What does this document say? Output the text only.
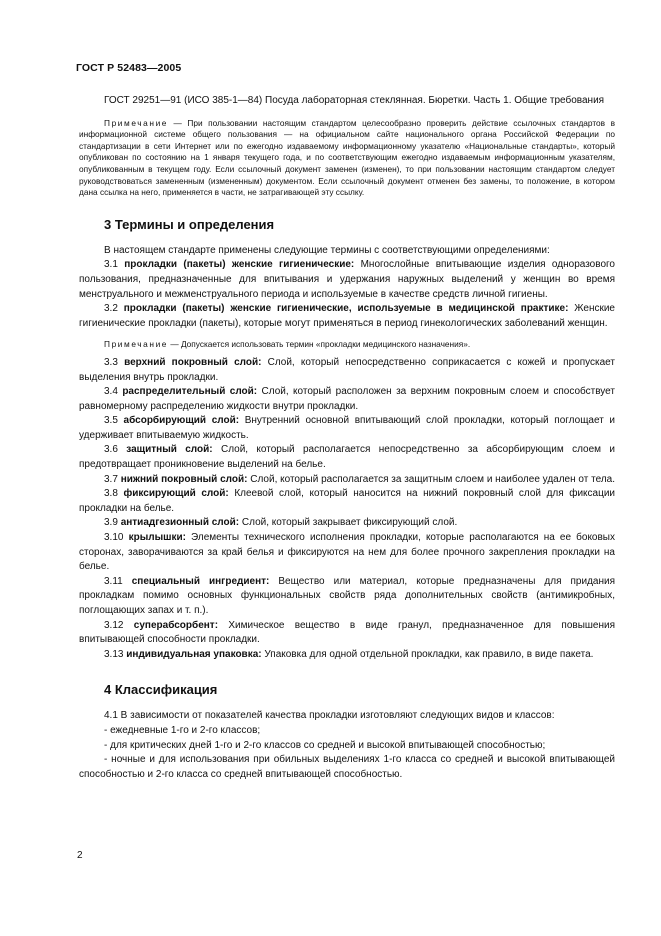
ГОСТ Р 52483—2005

ГОСТ 29251—91 (ИСО 385-1—84) Посуда лабораторная стеклянная. Бюретки. Часть 1. Общие требования

Примечание — При пользовании настоящим стандартом целесообразно проверить действие ссылочных стандартов в информационной системе общего пользования — на официальном сайте национального органа Российской Федерации по стандартизации в сети Интернет или по ежегодно издаваемому информационному указателю «Национальные стандарты», который опубликован по состоянию на 1 января текущего года, и по соответствующим ежегодно издаваемым информационным указателям, опубликованным в текущем году. Если ссылочный документ заменен (изменен), то при пользовании настоящим стандартом следует руководствоваться замененным (измененным) документом. Если ссылочный документ отменен без замены, то положение, в котором дана ссылка на него, применяется в части, не затрагивающей эту ссылку.

3 Термины и определения

В настоящем стандарте применены следующие термины с соответствующими определениями:

3.1 прокладки (пакеты) женские гигиенические: Многослойные впитывающие изделия одноразового пользования, предназначенные для впитывания и удержания наружных выделений у женщин во время менструального и межменструального периода и используемые в качестве средств личной гигиены.

3.2 прокладки (пакеты) женские гигиенические, используемые в медицинской практике: Женские гигиенические прокладки (пакеты), которые могут применяться в период гинекологических заболеваний женщин.

Примечание — Допускается использовать термин «прокладки медицинского назначения».

3.3 верхний покровный слой: Слой, который непосредственно соприкасается с кожей и пропускает выделения внутрь прокладки.

3.4 распределительный слой: Слой, который расположен за верхним покровным слоем и способствует равномерному распределению жидкости внутри прокладки.

3.5 абсорбирующий слой: Внутренний основной впитывающий слой прокладки, который поглощает и удерживает впитываемую жидкость.

3.6 защитный слой: Слой, который располагается непосредственно за абсорбирующим слоем и предотвращает проникновение выделений на белье.

3.7 нижний покровный слой: Слой, который располагается за защитным слоем и наиболее удален от тела.

3.8 фиксирующий слой: Клеевой слой, который наносится на нижний покровный слой для фиксации прокладки на белье.

3.9 антиадгезионный слой: Слой, который закрывает фиксирующий слой.

3.10 крылышки: Элементы технического исполнения прокладки, которые располагаются на ее боковых сторонах, заворачиваются за край белья и фиксируются на нем для более прочного закрепления прокладки на белье.

3.11 специальный ингредиент: Вещество или материал, которые предназначены для придания прокладкам помимо основных функциональных свойств ряда дополнительных свойств (антимикробных, поглощающих запах и т. п.).

3.12 суперабсорбент: Химическое вещество в виде гранул, предназначенное для повышения впитывающей способности прокладки.

3.13 индивидуальная упаковка: Упаковка для одной отдельной прокладки, как правило, в виде пакета.

4 Классификация

4.1 В зависимости от показателей качества прокладки изготовляют следующих видов и классов:

- ежедневные 1-го и 2-го классов;

- для критических дней 1-го и 2-го классов со средней и высокой впитывающей способностью;

- ночные и для использования при обильных выделениях 1-го класса со средней и высокой впитывающей способностью и 2-го класса со средней впитывающей способностью.

2
